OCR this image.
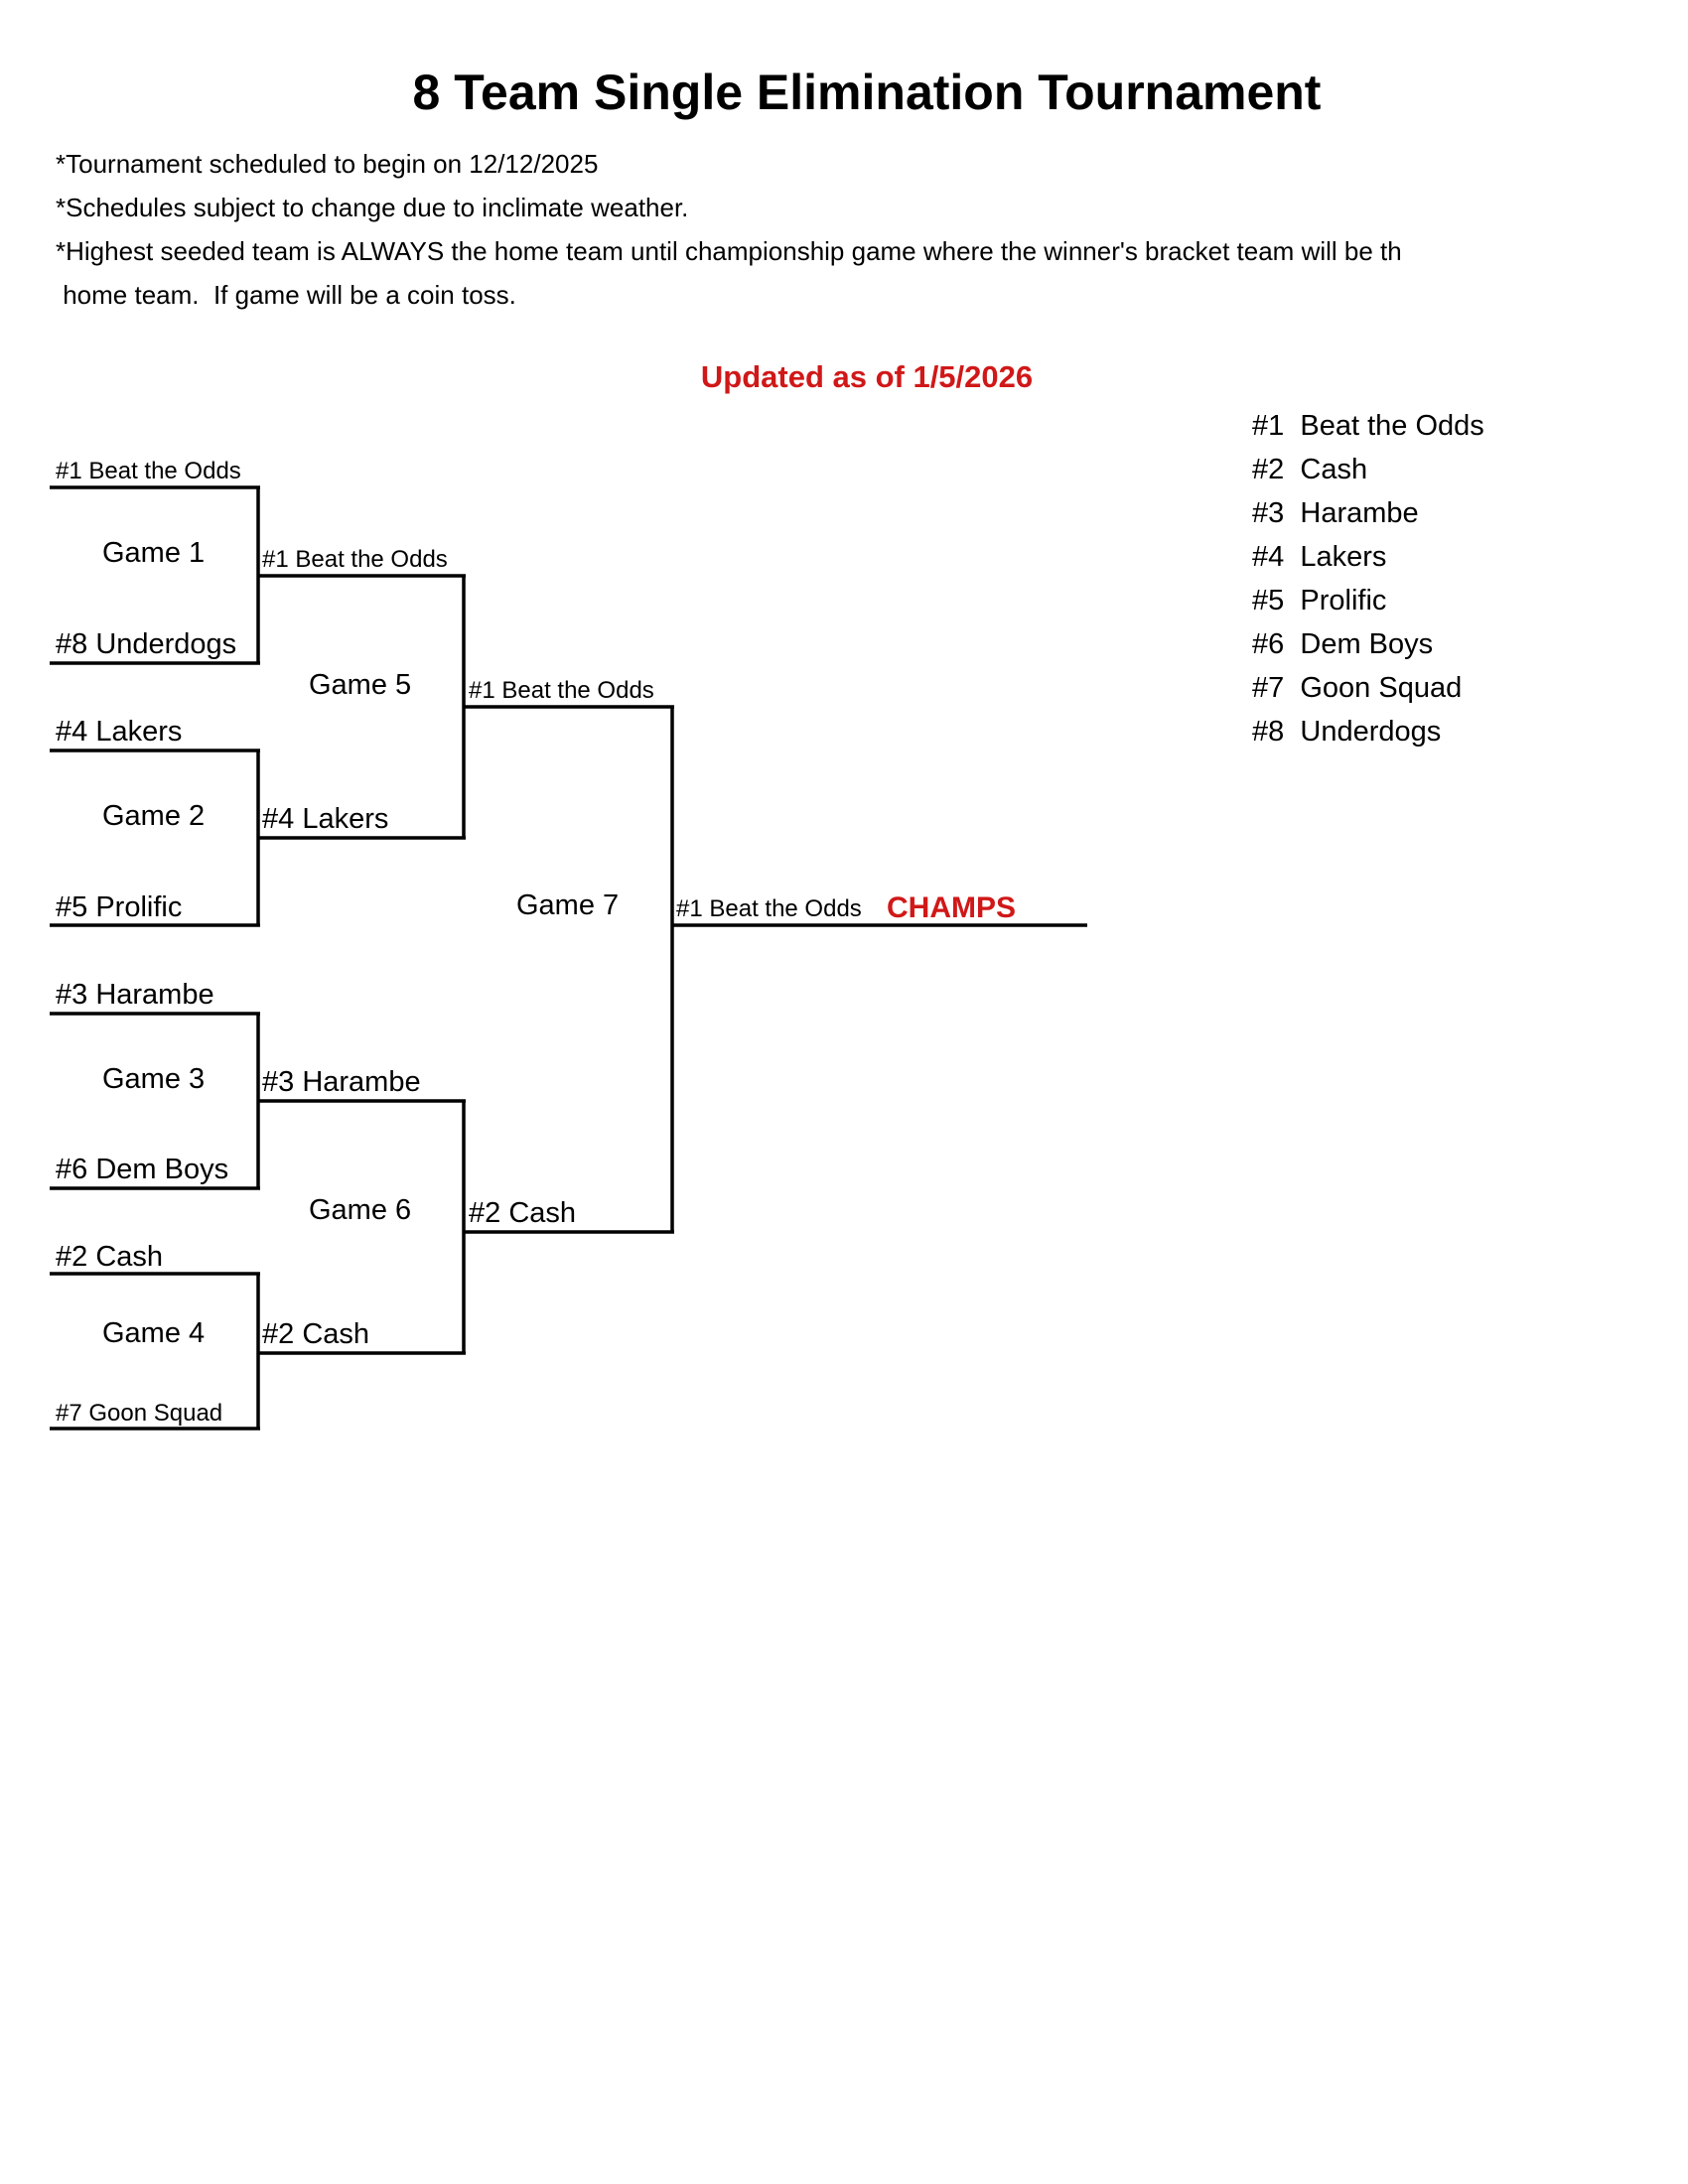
8 Team Single Elimination Tournament
*Tournament scheduled to begin on 12/12/2025
*Schedules subject to change due to inclimate weather.
*Highest seeded team is ALWAYS the home team until championship game where the winner's bracket team will be th
home team.  If game will be a coin toss.
Updated as of 1/5/2026
#1  Beat the Odds
#2  Cash
#3  Harambe
#4  Lakers
#5  Prolific
#6  Dem Boys
#7  Goon Squad
#8  Underdogs
#1 Beat the Odds
#8 Underdogs
#4 Lakers
#5 Prolific
#3 Harambe
#6 Dem Boys
#2 Cash
#7 Goon Squad
Game 1
Game 2
Game 3
Game 4
#1 Beat the Odds
#4 Lakers
#3 Harambe
#2 Cash
Game 5
Game 6
#1 Beat the Odds
#2 Cash
Game 7 #1 Beat the Odds CHAMPS
